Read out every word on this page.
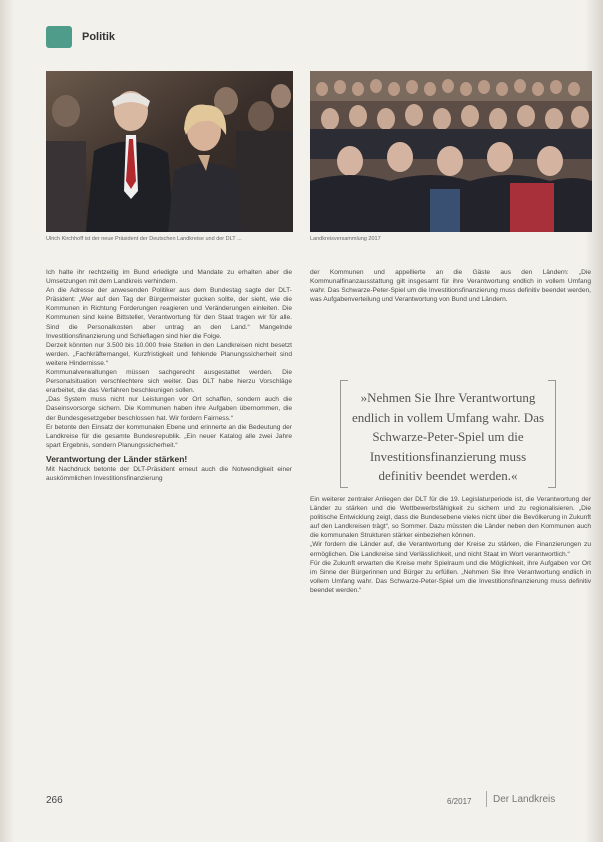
Politik
Ulrich Kirchhoff ist der neue Präsident der Deutschen Landkreise und der DLT ...	Landkreisversammlung 2017

Ich halte ihr rechtzeitig im Bund erledigte und Mandate zu erhalten aber die Umsetzungen mit dem Landkreis verhindern.

An die Adresse der anwesenden Politiker aus dem Bundestag sagte der DLT-Präsident: „Wer auf den Tag der Bürgermeister gucken sollte, der sieht, wie die Kommunen in Richtung Forderungen reagieren und Veränderungen einleiten. Die Kommunen sind keine Bittsteller, Verantwortung für den Staat tragen wir für alle. Sind die Personalkosten aber untrag an den Land.“ Mangelnde Investitionsfinanzierung und Schieflagen sind hier die Folge.

Derzeit könnten nur 3.500 bis 10.000 freie Stellen in den Landkreisen nicht besetzt werden. „Fachkräftemangel, Kurzfristigkeit und fehlende Planungssicherheit sind weitere Hindernisse.“

Kommunalverwaltungen müssen sachgerecht ausgestattet werden. Die Personalsituation verschlechtere sich weiter. Das DLT habe hierzu Vorschläge erarbeitet, die das Verfahren beschleunigen sollen.

„Das System muss nicht nur Leistungen vor Ort schaffen, sondern auch die Daseinsvorsorge sichern. Die Kommunen haben ihre Aufgaben übernommen, die der Bundesgesetzgeber beschlossen hat. Wir fordern Fairness.“

Er betonte den Einsatz der kommunalen Ebene und erinnerte an die Bedeutung der Landkreise für die gesamte Bundesrepublik. „Ein neuer Katalog alle zwei Jahre spart Ergebnis, sondern Planungssicherheit.“

Verantwortung der Länder stärken!

Mit Nachdruck betonte der DLT-Präsident erneut auch die Notwendigkeit einer auskömmlichen Investitionsfinanzierung

der Kommunen und appellierte an die Gäste aus den Ländern: „Die Kommunalfinanzausstattung gilt insgesamt für ihre Verantwortung endlich in vollem Umfang wahr. Das Schwarze-Peter-Spiel um die Investitionsfinanzierung muss definitiv beendet werden, was Aufgabenverteilung und Verantwortung von Bund und Ländern.

»Nehmen Sie Ihre Verantwortung endlich in vollem Umfang wahr. Das Schwarze-Peter-Spiel um die Investitionsfinanzierung muss definitiv beendet werden.«

Ein weiterer zentraler Anliegen der DLT für die 19. Legislaturperiode ist, die Verantwortung der Länder zu stärken und die Wettbewerbsfähigkeit zu sichern und zu regionalisieren. „Die politische Entwicklung zeigt, dass die Bundesebene vieles nicht über die Bevölkerung in Zukunft auf den Landkreisen trägt“, so Sommer. Dazu müssten die Länder neben den Kommunen auch die kommunalen Strukturen stärker einbeziehen können.

„Wir fordern die Länder auf, die Verantwortung der Kreise zu stärken, die Finanzierungen zu ermöglichen. Die Landkreise sind Verlässlichkeit, und nicht Staat im Wort verantwortlich.“

Für die Zukunft erwarten die Kreise mehr Spielraum und die Möglichkeit, ihre Aufgaben vor Ort im Sinne der Bürgerinnen und Bürger zu erfüllen. „Nehmen Sie Ihre Verantwortung endlich in vollem Umfang wahr. Das Schwarze-Peter-Spiel um die Investitionsfinanzierung muss definitiv beendet werden.“

266	6/2017 Der Landkreis
